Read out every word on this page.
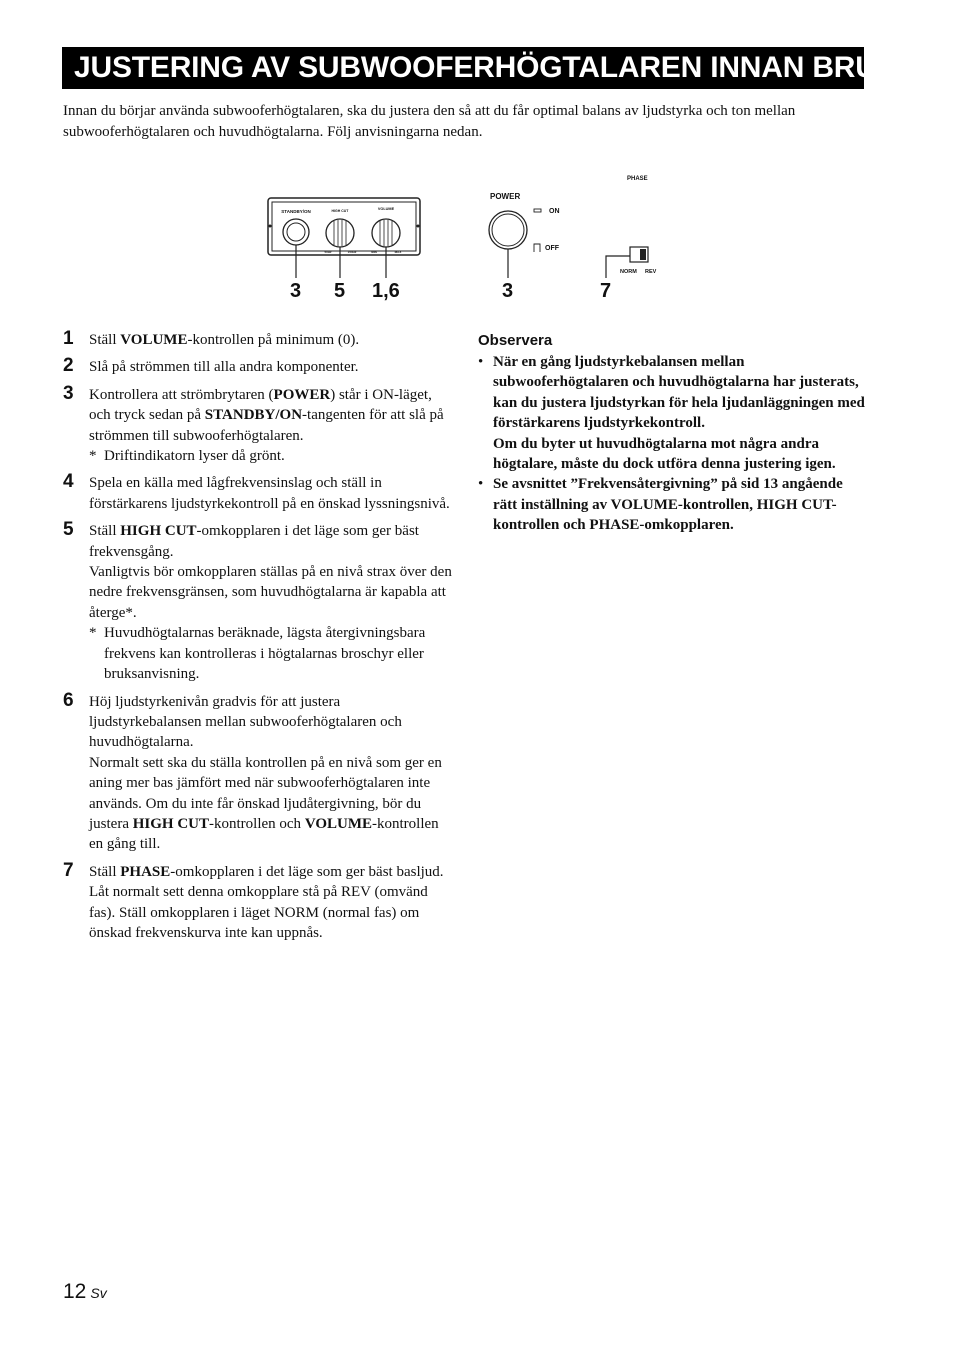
JUSTERING AV SUBWOOFERHÖGTALAREN INNAN BRUK

Innan du börjar använda subwooferhögtalaren, ska du justera den så att du får optimal balans av ljudstyrka och ton mellan subwooferhögtalaren och huvudhögtalarna. Följ anvisningarna nedan.

STANDBY/ON	HIGH CUT
50Hz	150Hz
VOLUME
MIN	MAX
POWER
ON
OFF
PHASE
NORM REV
3 5 1,6	3	7
1	Ställ VOLUME-kontrollen på minimum (0).

2	Slå på strömmen till alla andra komponenter.

3	Kontrollera att strömbrytaren (POWER) står i ON-läget, och tryck sedan på STANDBY/ON-tangenten för att slå på strömmen till subwooferhögtalaren.

* Driftindikatorn lyser då grönt.
4	Spela en källa med lågfrekvensinslag och ställ in förstärkarens ljudstyrkekontroll på en önskad lyssningsnivå.

5	Ställ HIGH CUT-omkopplaren i det läge som ger bäst frekvensgång.

Vanligtvis bör omkopplaren ställas på en nivå strax över den nedre frekvensgränsen, som huvudhögtalarna är kapabla att återge*.

* Huvudhögtalarnas beräknade, lägsta återgivningsbara frekvens kan kontrolleras i högtalarnas broschyr eller bruksanvisning.
6	Höj ljudstyrkenivån gradvis för att justera ljudstyrkebalansen mellan subwooferhögtalaren och huvudhögtalarna.

Normalt sett ska du ställa kontrollen på en nivå som ger en aning mer bas jämfört med när subwooferhögtalaren inte används. Om du inte får önskad ljudåtergivning, bör du justera HIGH CUT-kontrollen och VOLUME-kontrollen en gång till.

7	Ställ PHASE-omkopplaren i det läge som ger bäst basljud.

Låt normalt sett denna omkopplare stå på REV (omvänd fas). Ställ omkopplaren i läget NORM (normal fas) om önskad frekvenskurva inte kan uppnås.

Observera
• När en gång ljudstyrkebalansen mellan subwooferhögtalaren och huvudhögtalarna har justerats, kan du justera ljudstyrkan för hela ljudanläggningen med förstärkarens ljudstyrkekontroll.

Om du byter ut huvudhögtalarna mot några andra högtalare, måste du dock utföra denna justering igen.

• Se avsnittet ”Frekvensåtergivning” på sid 13 angående rätt inställning av VOLUME-kontrollen, HIGH CUT-kontrollen och PHASE-omkopplaren.

12 Sv
